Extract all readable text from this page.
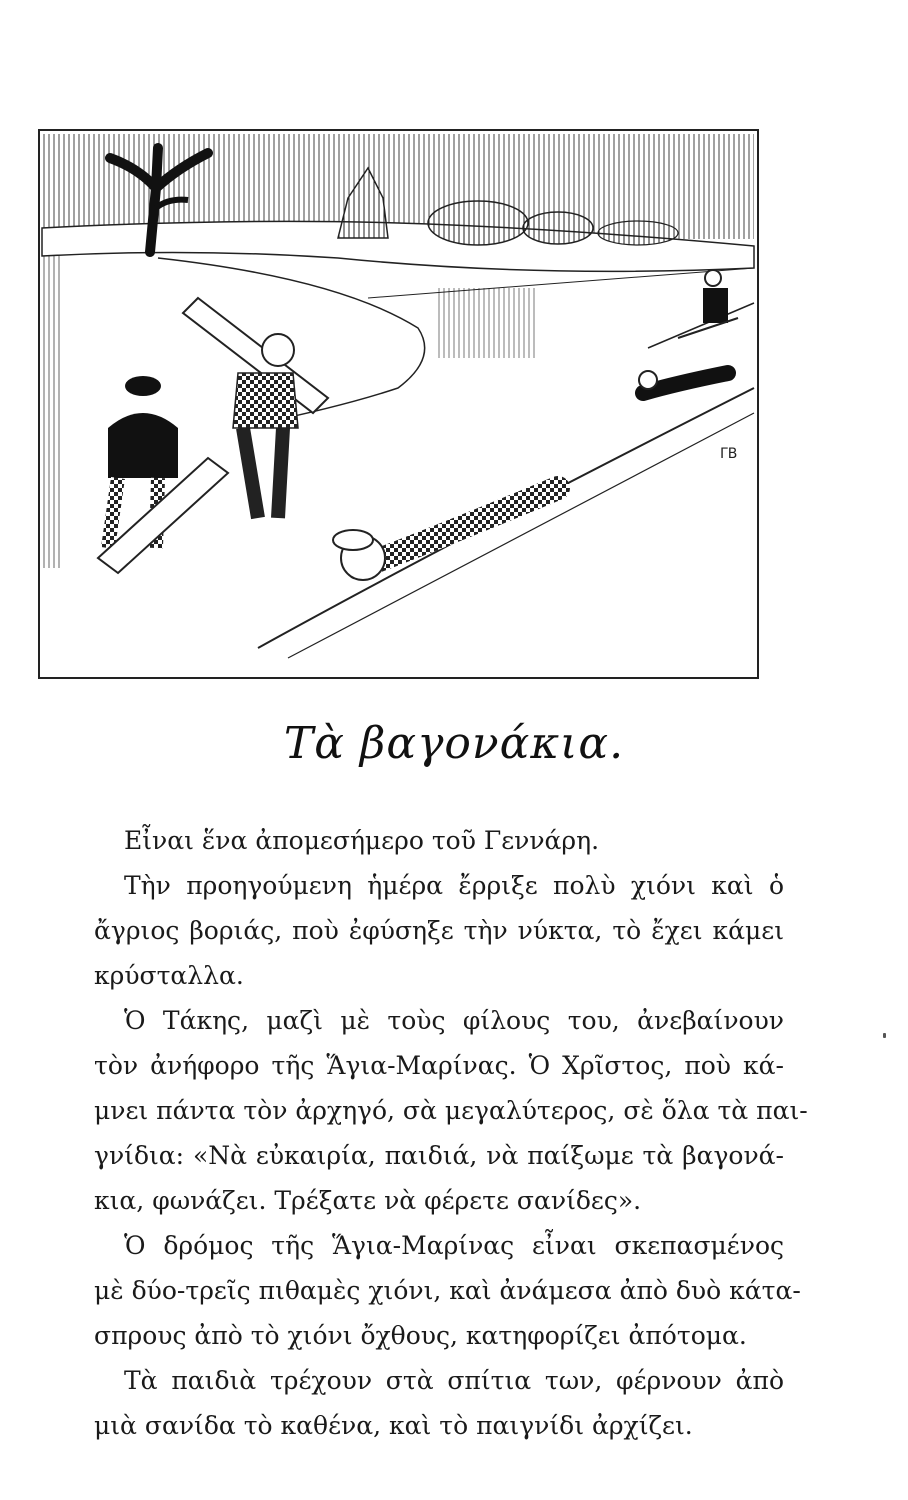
ΓΒ
Τὰ βαγονάκια.
Εἶναι ἕνα ἀπομεσήμερο τοῦ Γεννάρη.
Τὴν προηγούμενη ἡμέρα ἔρριξε πολὺ χιόνι καὶ ὁ
ἄγριος βοριάς, ποὺ ἐφύσηξε τὴν νύκτα, τὸ ἔχει κάμει
κρύσταλλα.
Ὁ Τάκης, μαζὶ μὲ τοὺς φίλους του, ἀνεβαίνουν
τὸν ἀνήφορο τῆς Ἅγια-Μαρίνας. Ὁ Χρῖστος, ποὺ κά-
μνει πάντα τὸν ἀρχηγό, σὰ μεγαλύτερος, σὲ ὅλα τὰ παι-
γνίδια: «Νὰ εὐκαιρία, παιδιά, νὰ παίξωμε τὰ βαγονά-
κια, φωνάζει. Τρέξατε νὰ φέρετε σανίδες».
Ὁ δρόμος τῆς Ἅγια-Μαρίνας εἶναι σκεπασμένος
μὲ δύο-τρεῖς πιθαμὲς χιόνι, καὶ ἀνάμεσα ἀπὸ δυὸ κάτα-
σπρους ἀπὸ τὸ χιόνι ὄχθους, κατηφορίζει ἀπότομα.
Τὰ παιδιὰ τρέχουν στὰ σπίτια των, φέρνουν ἀπὸ
μιὰ σανίδα τὸ καθένα, καὶ τὸ παιγνίδι ἀρχίζει.
